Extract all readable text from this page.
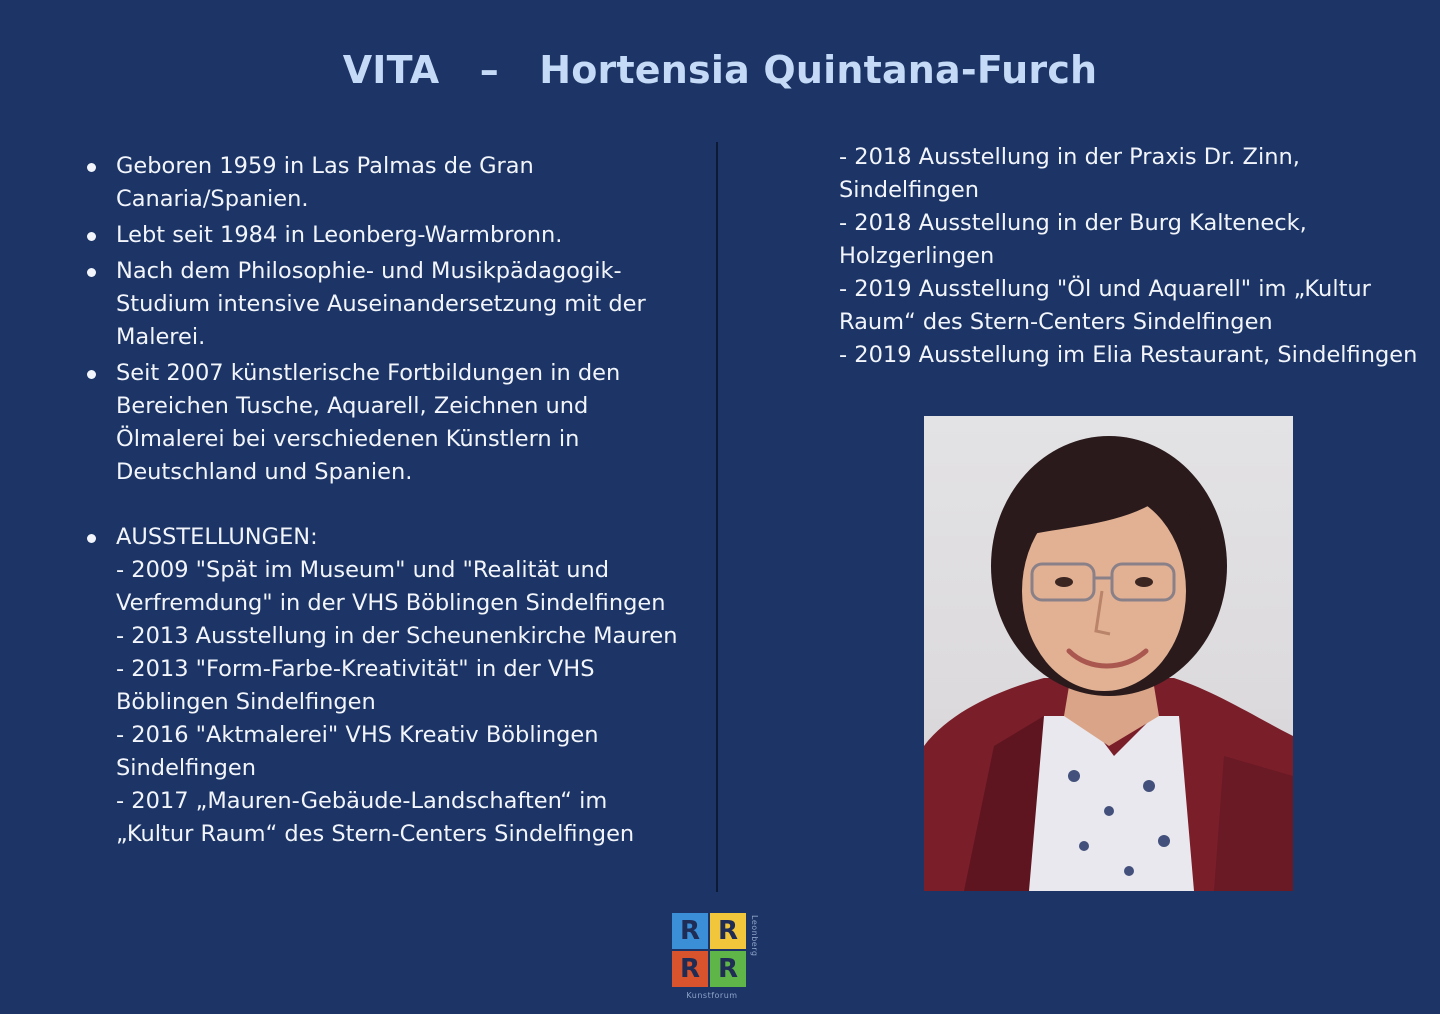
VITA   –   Hortensia Quintana-Furch
Geboren 1959 in Las Palmas de Gran Canaria/Spanien.
Lebt seit 1984 in Leonberg-Warmbronn.
Nach dem Philosophie- und Musikpädagogik-Studium intensive Auseinandersetzung mit der Malerei.
Seit 2007 künstlerische Fortbildungen in den Bereichen Tusche, Aquarell, Zeichnen und Ölmalerei bei verschiedenen Künstlern in Deutschland und Spanien.
AUSSTELLUNGEN:
- 2009 "Spät im Museum" und "Realität und Verfremdung" in der VHS Böblingen Sindelfingen
- 2013 Ausstellung in der Scheunenkirche Mauren
- 2013 "Form-Farbe-Kreativität" in der VHS Böblingen Sindelfingen
- 2016 "Aktmalerei" VHS Kreativ Böblingen Sindelfingen
- 2017 „Mauren-Gebäude-Landschaften“ im „Kultur Raum“ des Stern-Centers Sindelfingen
- 2018 Ausstellung in der Praxis Dr. Zinn, Sindelfingen
- 2018 Ausstellung in der Burg Kalteneck, Holzgerlingen
- 2019 Ausstellung "Öl und Aquarell" im „Kultur Raum“ des Stern-Centers Sindelfingen
- 2019 Ausstellung im Elia Restaurant, Sindelfingen
R R
R R
Leonberg
Kunstforum
